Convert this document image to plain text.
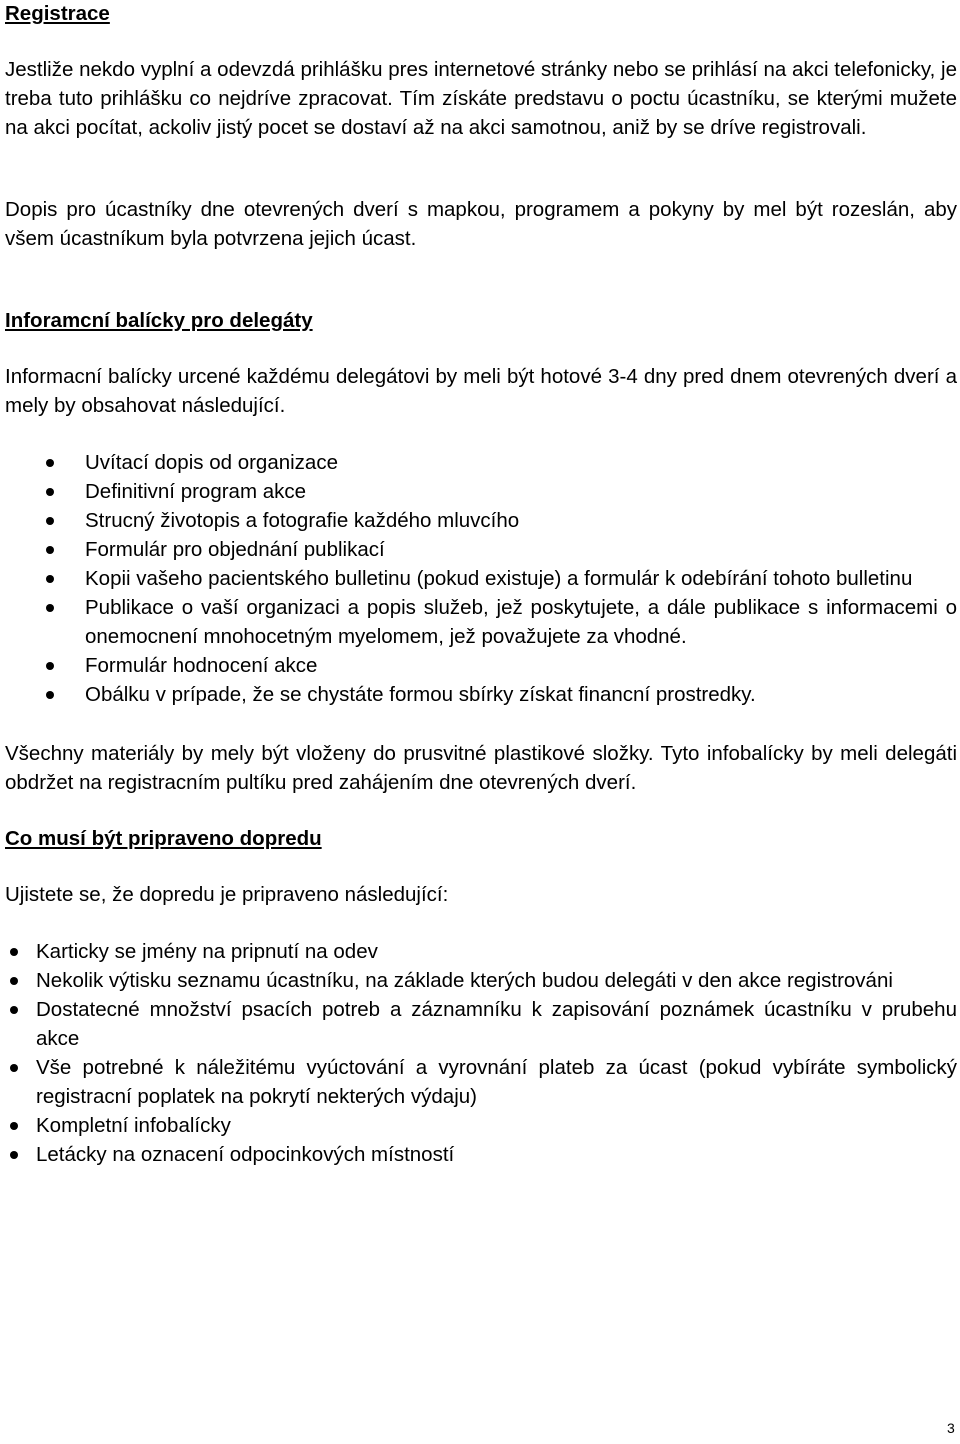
Registrace

Jestliže nekdo vyplní a odevzdá prihlášku pres internetové stránky nebo se prihlásí na akci telefonicky, je treba tuto prihlášku co nejdríve zpracovat. Tím získáte predstavu o poctu úcastníku, se kterými mužete na akci pocítat, ackoliv jistý pocet se dostaví až na akci samotnou, aniž by se dríve registrovali.

Dopis pro úcastníky dne otevrených dverí s mapkou, programem a pokyny by mel být rozeslán, aby všem úcastníkum byla potvrzena jejich úcast.

Inforamcní balícky pro delegáty

Informacní balícky urcené každému delegátovi by meli být hotové 3-4 dny pred dnem otevrených dverí a mely by obsahovat následující.

Uvítací dopis od organizace
Definitivní program akce
Strucný životopis a fotografie každého mluvcího
Formulár pro objednání publikací
Kopii vašeho pacientského bulletinu (pokud existuje) a formulár k odebírání tohoto bulletinu
Publikace o vaší organizaci a popis služeb, jež poskytujete, a dále publikace s informacemi o onemocnení mnohocetným myelomem, jež považujete za vhodné.
Formulár hodnocení akce
Obálku v prípade, že se chystáte formou sbírky získat financní prostredky.

Všechny materiály by mely být vloženy do prusvitné plastikové složky. Tyto infobalícky by meli delegáti obdržet na registracním pultíku pred zahájením dne otevrených dverí.

Co musí být pripraveno dopredu

Ujistete se, že dopredu je pripraveno následující:

Karticky se jmény na pripnutí na odev
Nekolik výtisku seznamu úcastníku, na základe kterých budou delegáti v den akce registrováni
Dostatecné množství psacích potreb a záznamníku k zapisování poznámek úcastníku v prubehu akce
Vše potrebné k náležitému vyúctování a vyrovnání plateb za úcast (pokud vybíráte symbolický registracní poplatek na pokrytí nekterých výdaju)
Kompletní infobalícky
Letácky na oznacení odpocinkových místností
3
